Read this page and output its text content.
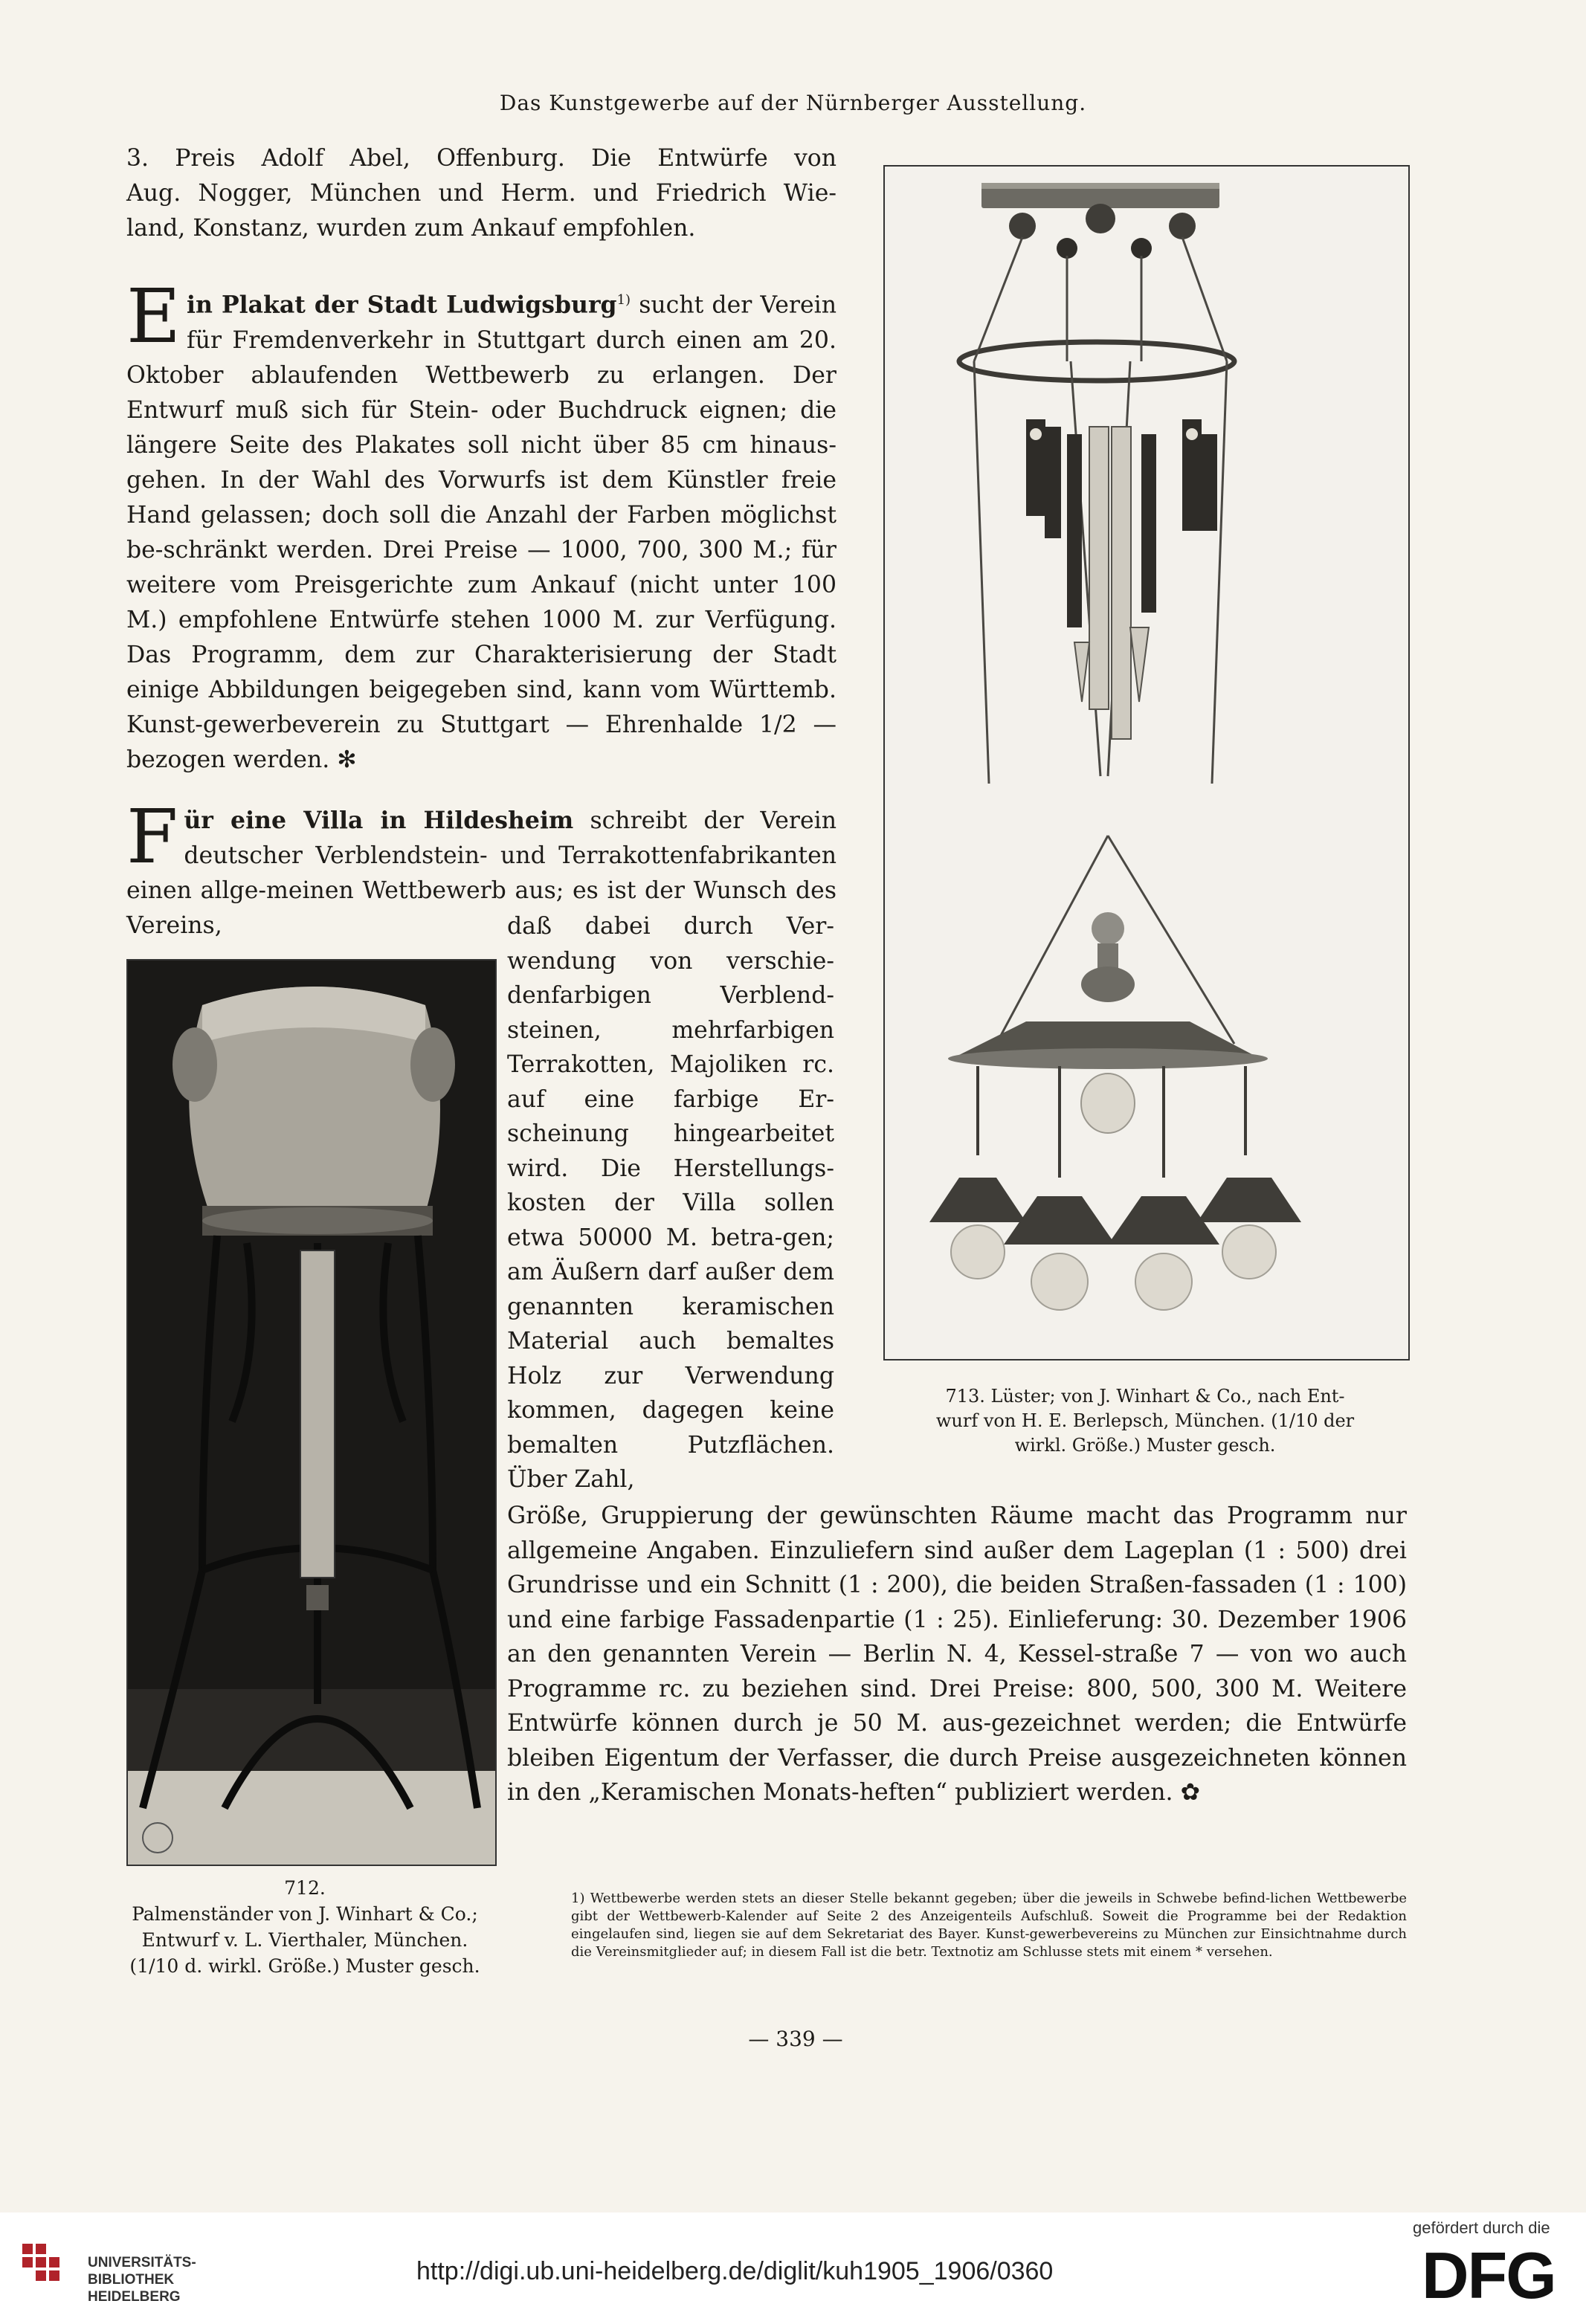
Das Kunstgewerbe auf der Nürnberger Ausstellung.

3. Preis Adolf Abel, Offenburg. Die Entwürfe von

Aug. Nogger, München und Herm. und Friedrich Wie-

land, Konstanz, wurden zum Ankauf empfohlen.

E in Plakat der Stadt Ludwigsburg$^{1)}$ sucht der Verein für Fremdenverkehr in Stuttgart durch einen am 20. Oktober ablaufenden Wettbewerb zu erlangen. Der Entwurf muß sich für Stein- oder Buchdruck eignen; die längere Seite des Plakates soll nicht über 85 cm hinaus-gehen. In der Wahl des Vorwurfs ist dem Künstler freie Hand gelassen; doch soll die Anzahl der Farben möglichst be-schränkt werden. Drei Preise — 1000, 700, 300 M.; für weitere vom Preisgerichte zum Ankauf (nicht unter 100 M.) empfohlene Entwürfe stehen 1000 M. zur Verfügung. Das Programm, dem zur Charakterisierung der Stadt einige Abbildungen beigegeben sind, kann vom Württemb. Kunst-gewerbeverein zu Stuttgart — Ehrenhalde 1/2 — bezogen werden. ✻
F ür eine Villa in Hildesheim schreibt der Verein deutscher Verblendstein- und Terrakottenfabrikanten einen allge-meinen Wettbewerb aus; es ist der Wunsch des Vereins,	daß dabei durch Ver-wendung von verschie-denfarbigen Verblend-steinen, mehrfarbigen Terrakotten, Majoliken rc. auf eine farbige Er-scheinung hingearbeitet wird. Die Herstellungs-kosten der Villa sollen etwa 50000 M. betra-gen; am Äußern darf außer dem genannten keramischen Material auch bemaltes Holz zur Verwendung kommen, dagegen keine bemalten Putzflächen. Über Zahl,
Größe, Gruppierung der gewünschten Räume macht das Programm nur allgemeine Angaben. Einzuliefern sind außer dem Lageplan (1 : 500) drei Grundrisse und ein Schnitt (1 : 200), die beiden Straßen-fassaden (1 : 100) und eine farbige Fassadenpartie (1 : 25). Einlieferung: 30. Dezember 1906 an den genannten Verein — Berlin N. 4, Kessel-straße 7 — von wo auch Programme rc. zu beziehen sind. Drei Preise: 800, 500, 300 M. Weitere Entwürfe können durch je 50 M. aus-gezeichnet werden; die Entwürfe bleiben Eigentum der Verfasser, die durch Preise ausgezeichneten können in den „Keramischen Monats-heften“ publiziert werden. ✿
713. Lüster; von J. Winhart & Co., nach Ent-
wurf von H. E. Berlepsch, München. (1/10 der
wirkl. Größe.) Muster gesch.
712.
Palmenständer von J. Winhart & Co.;
Entwurf v. L. Vierthaler, München.
(1/10 d. wirkl. Größe.) Muster gesch.
1) Wettbewerbe werden stets an dieser Stelle bekannt gegeben; über die jeweils in Schwebe befind-lichen Wettbewerbe gibt der Wettbewerb-Kalender auf Seite 2 des Anzeigenteils Aufschluß. Soweit die Programme bei der Redaktion eingelaufen sind, liegen sie auf dem Sekretariat des Bayer. Kunst-gewerbevereins zu München zur Einsichtnahme durch die Vereinsmitglieder auf; in diesem Fall ist die betr. Textnotiz am Schlusse stets mit einem * versehen.
— 339 —
UNIVERSITÄTS-
BIBLIOTHEK
HEIDELBERG
http://digi.ub.uni-heidelberg.de/diglit/kuh1905_1906/0360
gefördert durch die
DFG
